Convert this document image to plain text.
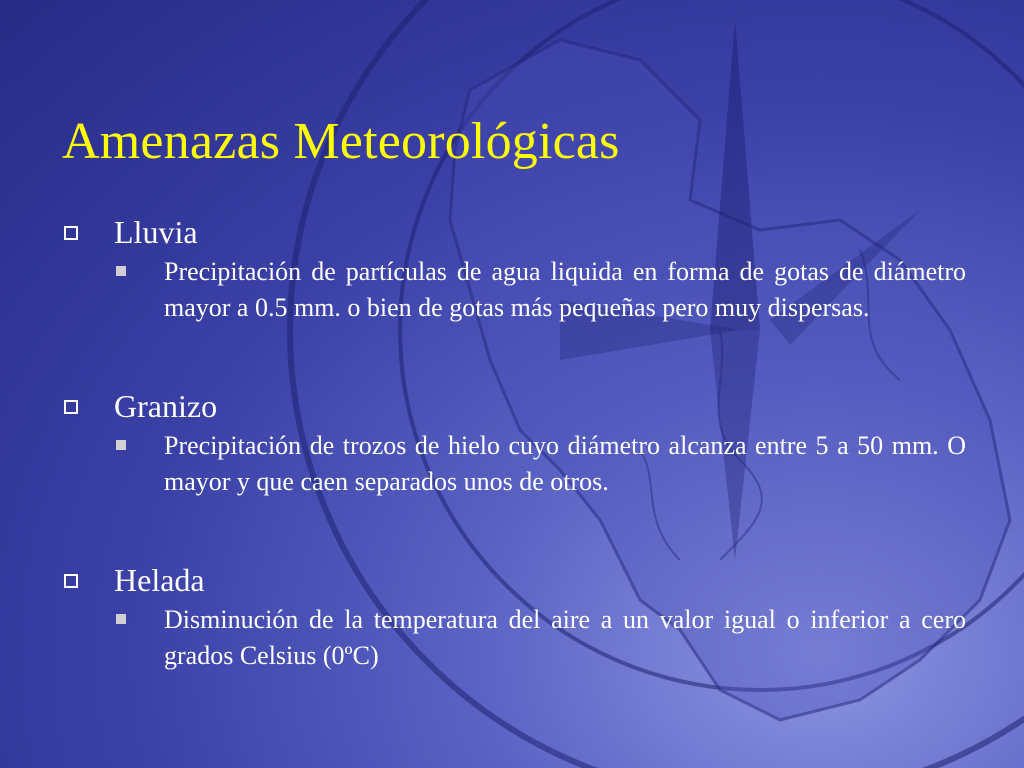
Amenazas Meteorológicas
Lluvia

Precipitación de partículas de agua liquida en forma de gotas de diámetro mayor a 0.5 mm. o bien de gotas más pequeñas pero muy dispersas.

Granizo

Precipitación de trozos de hielo cuyo diámetro alcanza entre 5 a 50 mm. O mayor y que caen separados unos de otros.

Helada

Disminución de la temperatura del aire a un valor igual o inferior a cero grados Celsius (0ºC)
